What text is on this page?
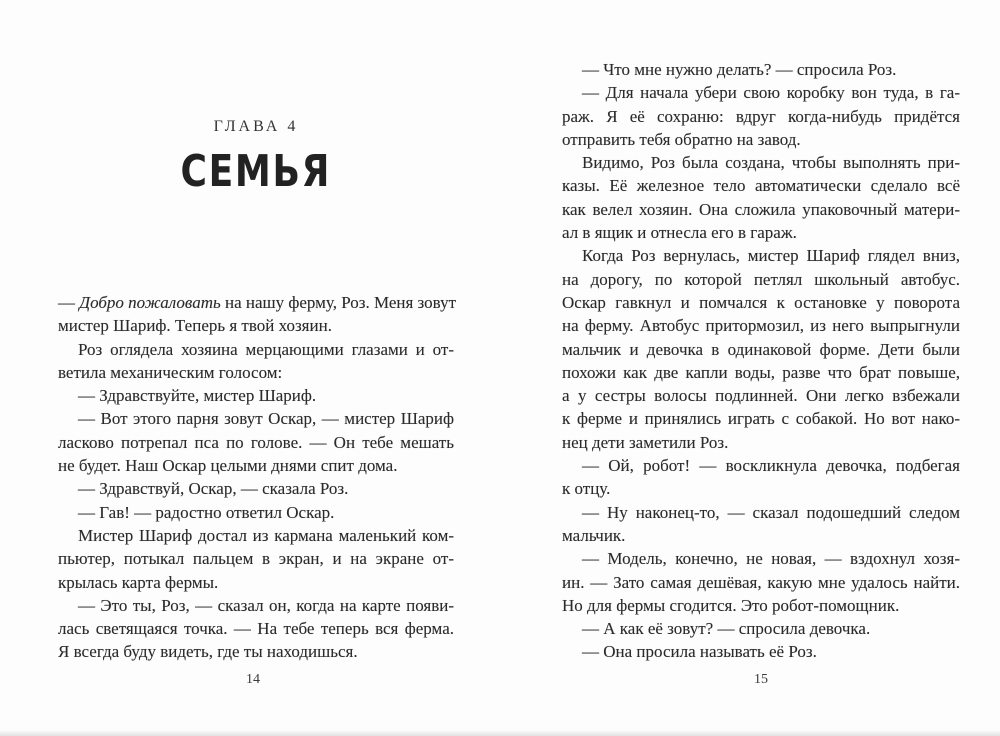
ГЛАВА 4
СЕМЬЯ

— Добро пожаловать на нашу ферму, Роз. Меня зовут
мистер Шариф. Теперь я твой хозяин.

Роз оглядела хозяина мерцающими глазами и от-
ветила механическим голосом:

— Здравствуйте, мистер Шариф.

— Вот этого парня зовут Оскар, — мистер Шариф
ласково потрепал пса по голове. — Он тебе мешать
не будет. Наш Оскар целыми днями спит дома.

— Здравствуй, Оскар, — сказала Роз.

— Гав! — радостно ответил Оскар.

Мистер Шариф достал из кармана маленький ком-
пьютер, потыкал пальцем в экран, и на экране от-
крылась карта фермы.

— Это ты, Роз, — сказал он, когда на карте появи-
лась светящаяся точка. — На тебе теперь вся ферма.
Я всегда буду видеть, где ты находишься.

14

— Что мне нужно делать? — спросила Роз.

— Для начала убери свою коробку вон туда, в га-
раж. Я её сохраню: вдруг когда-нибудь придётся
отправить тебя обратно на завод.

Видимо, Роз была создана, чтобы выполнять при-
казы. Её железное тело автоматически сделало всё
как велел хозяин. Она сложила упаковочный матери-
ал в ящик и отнесла его в гараж.

Когда Роз вернулась, мистер Шариф глядел вниз,
на дорогу, по которой петлял школьный автобус.
Оскар гавкнул и помчался к остановке у поворота
на ферму. Автобус притормозил, из него выпрыгнули
мальчик и девочка в одинаковой форме. Дети были
похожи как две капли воды, разве что брат повыше,
а у сестры волосы подлинней. Они легко взбежали
к ферме и принялись играть с собакой. Но вот нако-
нец дети заметили Роз.

— Ой, робот! — воскликнула девочка, подбегая
к отцу.

— Ну наконец-то, — сказал подошедший следом
мальчик.

— Модель, конечно, не новая, — вздохнул хозя-
ин. — Зато самая дешёвая, какую мне удалось найти.
Но для фермы сгодится. Это робот-помощник.

— А как её зовут? — спросила девочка.

— Она просила называть её Роз.

15
